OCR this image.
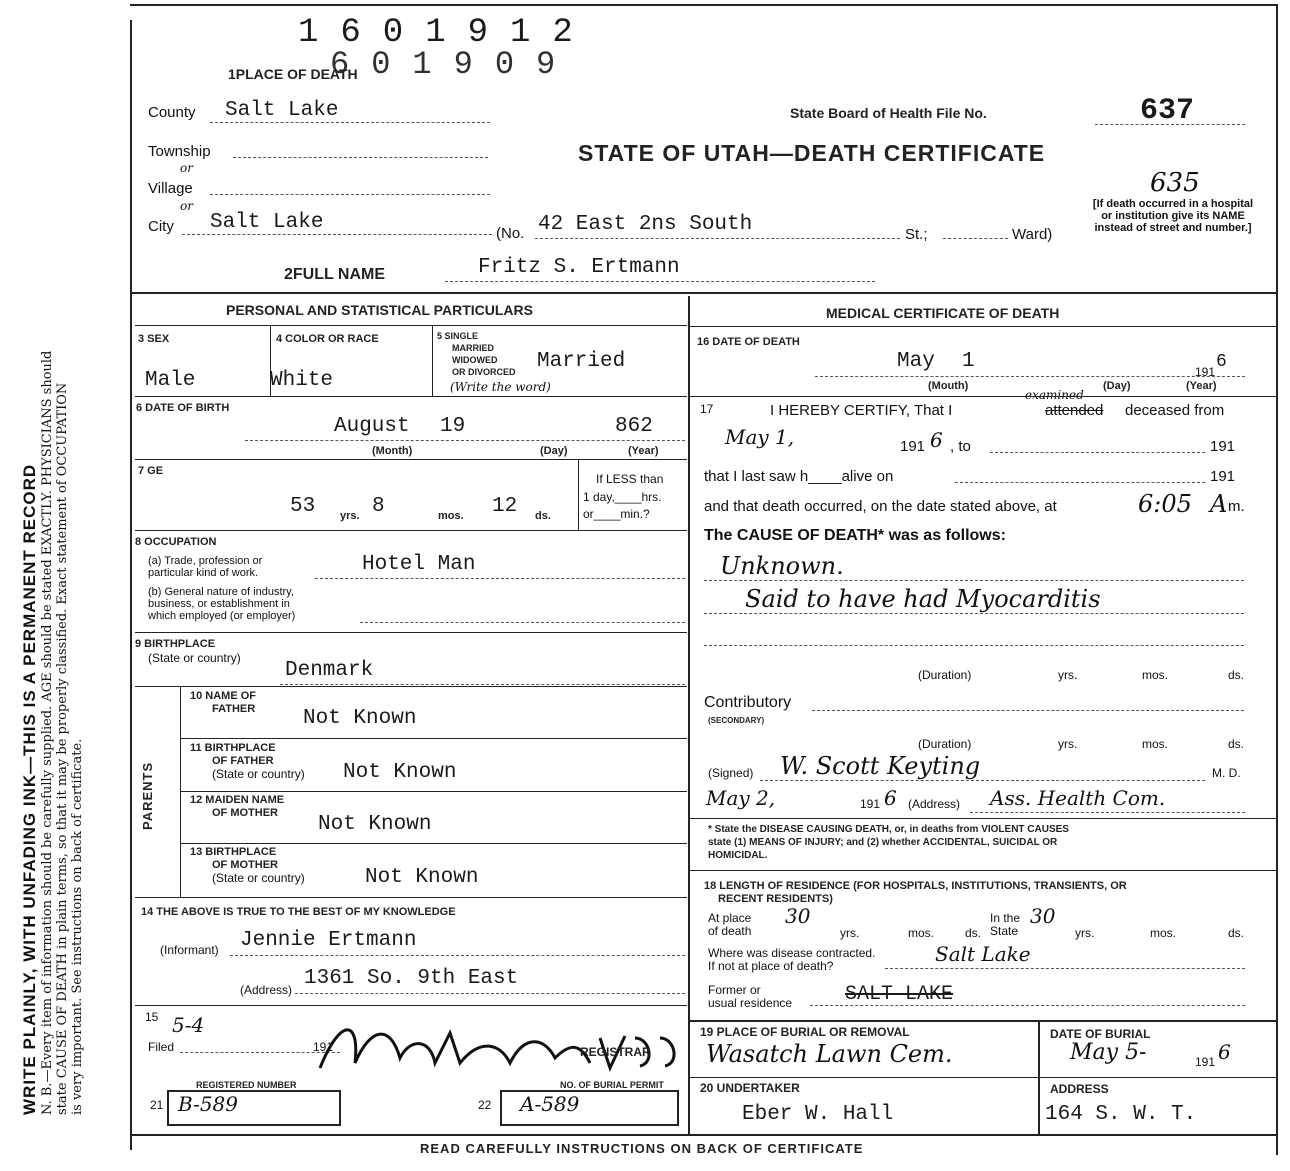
WRITE PLAINLY, WITH UNFADING INK—THIS IS A PERMANENT RECORD N. B.—Every item of information should be carefully supplied. AGE should be stated EXACTLY. PHYSICIANS should state CAUSE OF DEATH in plain terms, so that it may be properly classified. Exact statement of OCCUPATION is very important. See instructions on back of certificate.
1601912
601909
1PLACE OF DEATH
County Salt Lake	State Board of Health File No.	637
635
STATE OF UTAH—DEATH CERTIFICATE
Township
or
Village
or
City Salt Lake	(No. 42 East 2ns South	St.;	Ward)
[If death occurred in a hospital or institution give its NAME instead of street and number.]
2FULL NAME	Fritz S. Ertmann
PERSONAL AND STATISTICAL PARTICULARS
3 SEX
Male
4 COLOR OR RACE
White
5 SINGLE
MARRIED
WIDOWED
OR DIVORCED
(Write the word)
Married
6 DATE OF BIRTH
August 19	862
(Month)	(Day)	(Year)
7 GE
53 yrs. 8	mos. 12 ds.
If LESS than
1 day,____hrs.
or____min.?
8 OCCUPATION
(a) Trade, profession or
particular kind of work.	Hotel Man
(b) General nature of industry,
business, or establishment in
which employed (or employer)
9 BIRTHPLACE
(State or country)
Denmark
PARENTS
10 NAME OF
FATHER Not Known
11 BIRTHPLACE
OF FATHER
(State or country) Not Known
12 MAIDEN NAME
OF MOTHER Not Known
13 BIRTHPLACE
OF MOTHER
(State or country)	Not Known
14 THE ABOVE IS TRUE TO THE BEST OF MY KNOWLEDGE
(Informant) Jennie Ertmann
(Address) 1361 So. 9th East
15 5-4
Filed	191	REGISTRAR
21
REGISTERED NUMBER
B-589	22
NO. OF BURIAL PERMIT
A-589
MEDICAL CERTIFICATE OF DEATH
16 DATE OF DEATH
May 1	191 6
(Mouth)	(Day)	(Year)
17	I HEREBY CERTIFY, That I
examined
attended deceased from
May 1,	191 6 , to	191
that I last saw h____alive on	191
and that death occurred, on the date stated above, at	6:05 A m.
The CAUSE OF DEATH* was as follows:
Unknown.
Said to have had Myocarditis
(Duration)	yrs.	mos.	ds.
Contributory
(SECONDARY)
(Duration)	yrs.	mos.	ds.
(Signed) W. Scott Keyting	M. D.
May 2,	191 6 (Address) Ass. Health Com.
* State the DISEASE CAUSING DEATH, or, in deaths from VIOLENT CAUSES
state (1) MEANS OF INJURY; and (2) whether ACCIDENTAL, SUICIDAL OR
HOMICIDAL.
18 LENGTH OF RESIDENCE (FOR HOSPITALS, INSTITUTIONS, TRANSIENTS, OR
RECENT RESIDENTS)
At place
of death
30
yrs.	mos.	ds.
In the
State
30
yrs.	mos.	ds.
Where was disease contracted.
If not at place of death?	Salt Lake
Former or
usual residence	SALT LAKE
19 PLACE OF BURIAL OR REMOVAL
Wasatch Lawn Cem.
DATE OF BURIAL
May 5-	191 6
20 UNDERTAKER
Eber W. Hall
ADDRESS
164 S. W. T.
READ CAREFULLY INSTRUCTIONS ON BACK OF CERTIFICATE
